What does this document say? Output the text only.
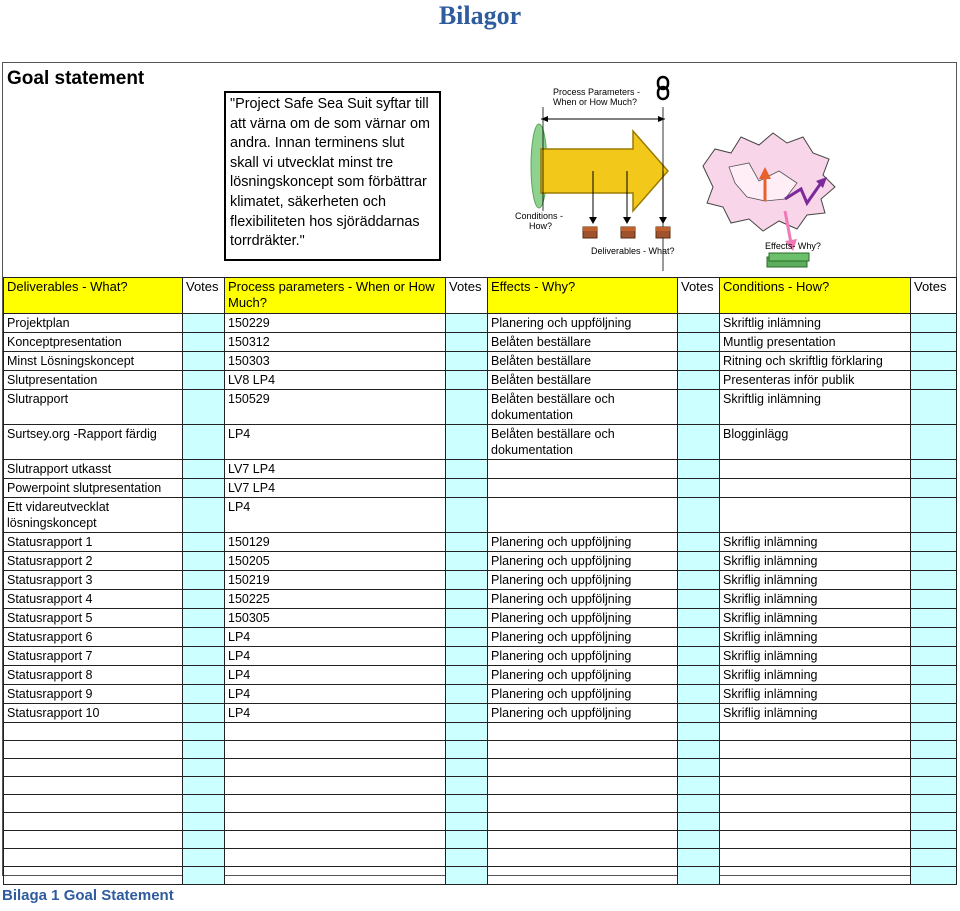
Bilagor
Goal statement
"Project Safe Sea Suit syftar till att värna om de som värnar om andra. Innan terminens slut skall vi utvecklat minst tre lösningskoncept som förbättrar klimatet, säkerheten och flexibiliteten hos sjöräddarnas torrdräkter."
Process Parameters -
When or How Much?
Conditions -
How?
Deliverables - What?	Effects- Why?
Deliverables - What?	Votes	Process parameters - When or How Much?	Votes	Effects - Why?	Votes	Conditions - How?	Votes
Projektplan		150229		Planering och uppföljning		Skriftlig inlämning	
Konceptpresentation		150312		Belåten beställare		Muntlig presentation	
Minst Lösningskoncept		150303		Belåten beställare		Ritning och skriftlig förklaring	
Slutpresentation		LV8 LP4		Belåten beställare		Presenteras inför publik	
Slutrapport		150529		Belåten beställare och dokumentation		Skriftlig inlämning	
Surtsey.org -Rapport färdig		LP4		Belåten beställare och dokumentation		Blogginlägg	
Slutrapport utkasst		LV7 LP4					
Powerpoint slutpresentation		LV7 LP4					
Ett vidareutvecklat lösningskoncept		LP4					
Statusrapport 1		150129		Planering och uppföljning		Skriflig inlämning	
Statusrapport 2		150205		Planering och uppföljning		Skriflig inlämning	
Statusrapport 3		150219		Planering och uppföljning		Skriflig inlämning	
Statusrapport 4		150225		Planering och uppföljning		Skriflig inlämning	
Statusrapport 5		150305		Planering och uppföljning		Skriflig inlämning	
Statusrapport 6		LP4		Planering och uppföljning		Skriflig inlämning	
Statusrapport 7		LP4		Planering och uppföljning		Skriflig inlämning	
Statusrapport 8		LP4		Planering och uppföljning		Skriflig inlämning	
Statusrapport 9		LP4		Planering och uppföljning		Skriflig inlämning	
Statusrapport 10		LP4		Planering och uppföljning		Skriflig inlämning	

Bilaga 1 Goal Statement
